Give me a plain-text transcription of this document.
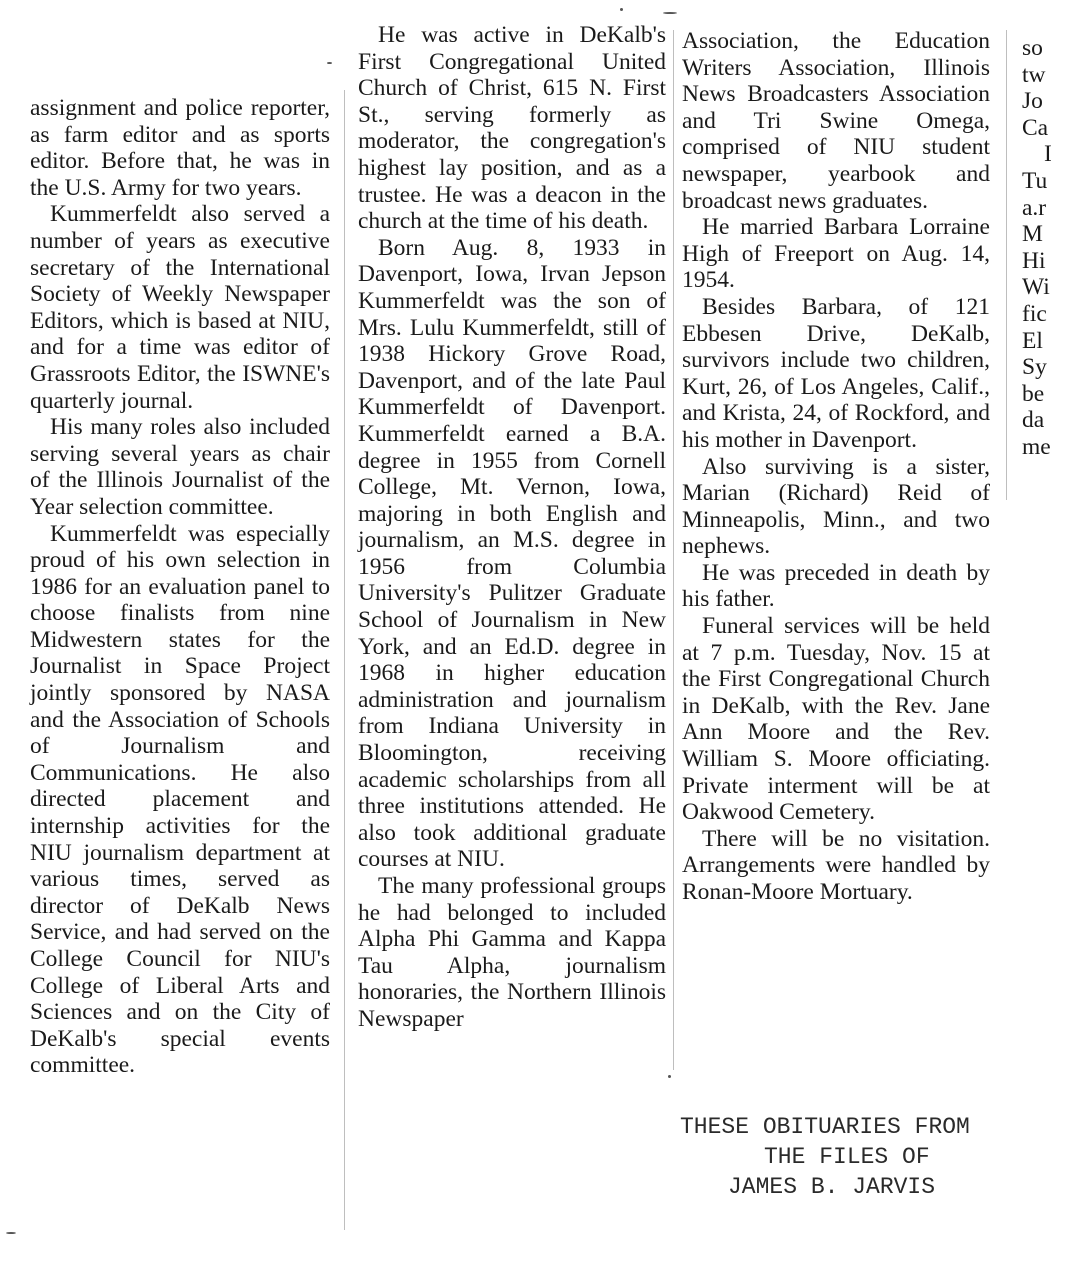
assignment and police reporter, as farm editor and as sports editor. Before that, he was in the U.S. Army for two years.

Kummerfeldt also served a number of years as executive secretary of the International Society of Weekly Newspaper Editors, which is based at NIU, and for a time was editor of Grassroots Editor, the ISWNE's quarterly journal.

His many roles also included serving several years as chair of the Illinois Journalist of the Year selection committee.

Kummerfeldt was especially proud of his own selection in 1986 for an evaluation panel to choose finalists from nine Midwestern states for the Journalist in Space Project jointly sponsored by NASA and the Association of Schools of Journalism and Communications. He also directed placement and internship activities for the NIU journalism department at various times, served as director of DeKalb News Service, and had served on the College Council for NIU's College of Liberal Arts and Sciences and on the City of DeKalb's special events committee.

He was active in DeKalb's First Congregational United Church of Christ, 615 N. First St., serving formerly as moderator, the congregation's highest lay position, and as a trustee. He was a deacon in the church at the time of his death.

Born Aug. 8, 1933 in Davenport, Iowa, Irvan Jepson Kummerfeldt was the son of Mrs. Lulu Kummerfeldt, still of 1938 Hickory Grove Road, Davenport, and of the late Paul Kummerfeldt of Davenport. Kummerfeldt earned a B.A. degree in 1955 from Cornell College, Mt. Vernon, Iowa, majoring in both English and journalism, an M.S. degree in 1956 from Columbia University's Pulitzer Graduate School of Journalism in New York, and an Ed.D. degree in 1968 in higher education administration and journalism from Indiana University in Bloomington, receiving academic scholarships from all three institutions attended. He also took additional graduate courses at NIU.

The many professional groups he had belonged to included Alpha Phi Gamma and Kappa Tau Alpha, journalism honoraries, the Northern Illinois Newspaper

Association, the Education Writers Association, Illinois News Broadcasters Association and Tri Swine Omega, comprised of NIU student newspaper, yearbook and broadcast news graduates.

He married Barbara Lorraine High of Freeport on Aug. 14, 1954.

Besides Barbara, of 121 Ebbesen Drive, DeKalb, survivors include two children, Kurt, 26, of Los Angeles, Calif., and Krista, 24, of Rockford, and his mother in Davenport.

Also surviving is a sister, Marian (Richard) Reid of Minneapolis, Minn., and two nephews.

He was preceded in death by his father.

Funeral services will be held at 7 p.m. Tuesday, Nov. 15 at the First Congregational Church in DeKalb, with the Rev. Jane Ann Moore and the Rev. William S. Moore officiating. Private interment will be at Oakwood Cemetery.

There will be no visitation. Arrangements were handled by Ronan-Moore Mortuary.

so
tw
Jo
Ca
I
Tu
a.r
M
Hi
Wi
fic
El
Sy
be
da
me
THESE OBITUARIES FROM
THE FILES OF
JAMES B. JARVIS
